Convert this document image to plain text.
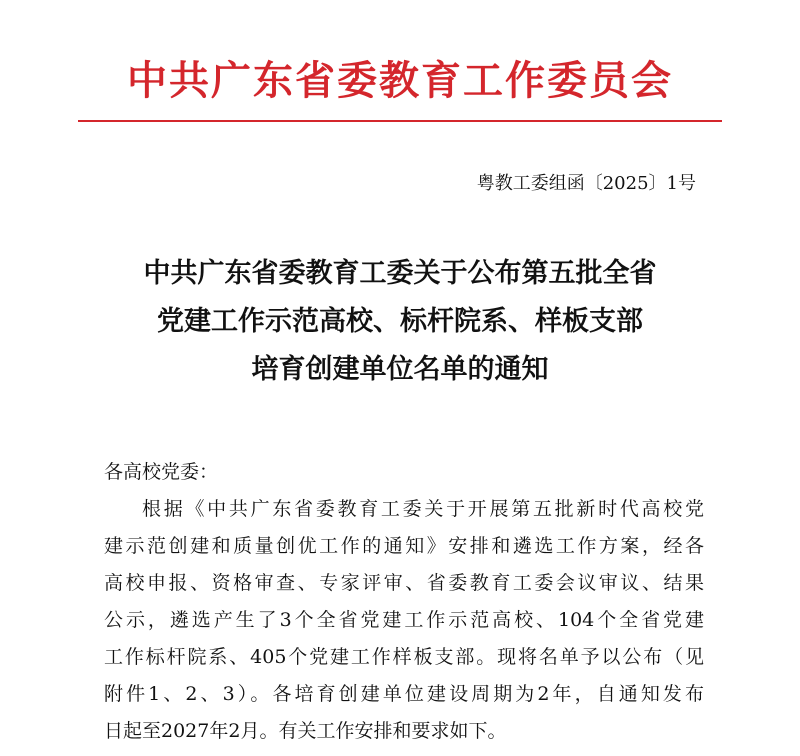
中共广东省委教育工作委员会
粤教工委组函〔2025〕1号
中共广东省委教育工委关于公布第五批全省
党建工作示范高校、标杆院系、样板支部
培育创建单位名单的通知
各高校党委：
根据《中共广东省委教育工委关于开展第五批新时代高校党
建示范创建和质量创优工作的通知》安排和遴选工作方案，经各
高校申报、资格审查、专家评审、省委教育工委会议审议、结果
公示，遴选产生了3个全省党建工作示范高校、104个全省党建
工作标杆院系、405个党建工作样板支部。现将名单予以公布（见
附件1、2、3）。各培育创建单位建设周期为2年，自通知发布
日起至2027年2月。有关工作安排和要求如下。
